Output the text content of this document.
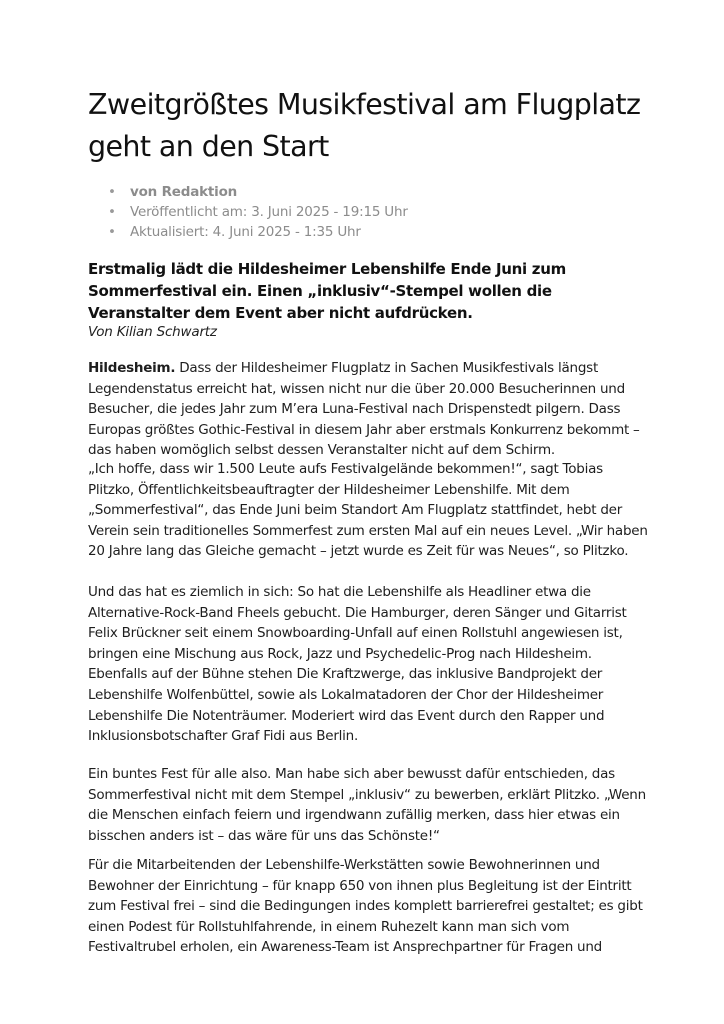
Zweitgrößtes Musikfestival am Flugplatz geht an den Start
• von Redaktion
• Veröffentlicht am: 3. Juni 2025 - 19:15 Uhr
• Aktualisiert: 4. Juni 2025 - 1:35 Uhr

Erstmalig lädt die Hildesheimer Lebenshilfe Ende Juni zum Sommerfestival ein. Einen „inklusiv“-Stempel wollen die Veranstalter dem Event aber nicht aufdrücken.

Von Kilian Schwartz

Hildesheim. Dass der Hildesheimer Flugplatz in Sachen Musikfestivals längst Legendenstatus erreicht hat, wissen nicht nur die über 20.000 Besucherinnen und Besucher, die jedes Jahr zum M’era Luna-Festival nach Drispenstedt pilgern. Dass Europas größtes Gothic-Festival in diesem Jahr aber erstmals Konkurrenz bekommt – das haben womöglich selbst dessen Veranstalter nicht auf dem Schirm.

„Ich hoffe, dass wir 1.500 Leute aufs Festivalgelände bekommen!“, sagt Tobias Plitzko, Öffentlichkeitsbeauftragter der Hildesheimer Lebenshilfe. Mit dem „Sommerfestival“, das Ende Juni beim Standort Am Flugplatz stattfindet, hebt der Verein sein traditionelles Sommerfest zum ersten Mal auf ein neues Level. „Wir haben 20 Jahre lang das Gleiche gemacht – jetzt wurde es Zeit für was Neues“, so Plitzko.

Und das hat es ziemlich in sich: So hat die Lebenshilfe als Headliner etwa die Alternative-Rock-Band Fheels gebucht. Die Hamburger, deren Sänger und Gitarrist Felix Brückner seit einem Snowboarding-Unfall auf einen Rollstuhl angewiesen ist, bringen eine Mischung aus Rock, Jazz und Psychedelic-Prog nach Hildesheim. Ebenfalls auf der Bühne stehen Die Kraftzwerge, das inklusive Bandprojekt der Lebenshilfe Wolfenbüttel, sowie als Lokalmatadoren der Chor der Hildesheimer Lebenshilfe Die Notenträumer. Moderiert wird das Event durch den Rapper und Inklusionsbotschafter Graf Fidi aus Berlin.

Ein buntes Fest für alle also. Man habe sich aber bewusst dafür entschieden, das Sommerfestival nicht mit dem Stempel „inklusiv“ zu bewerben, erklärt Plitzko. „Wenn die Menschen einfach feiern und irgendwann zufällig merken, dass hier etwas ein bisschen anders ist – das wäre für uns das Schönste!“

Für die Mitarbeitenden der Lebenshilfe-Werkstätten sowie Bewohnerinnen und Bewohner der Einrichtung – für knapp 650 von ihnen plus Begleitung ist der Eintritt zum Festival frei – sind die Bedingungen indes komplett barrierefrei gestaltet; es gibt einen Podest für Rollstuhlfahrende, in einem Ruhezelt kann man sich vom Festivaltrubel erholen, ein Awareness-Team ist Ansprechpartner für Fragen und
